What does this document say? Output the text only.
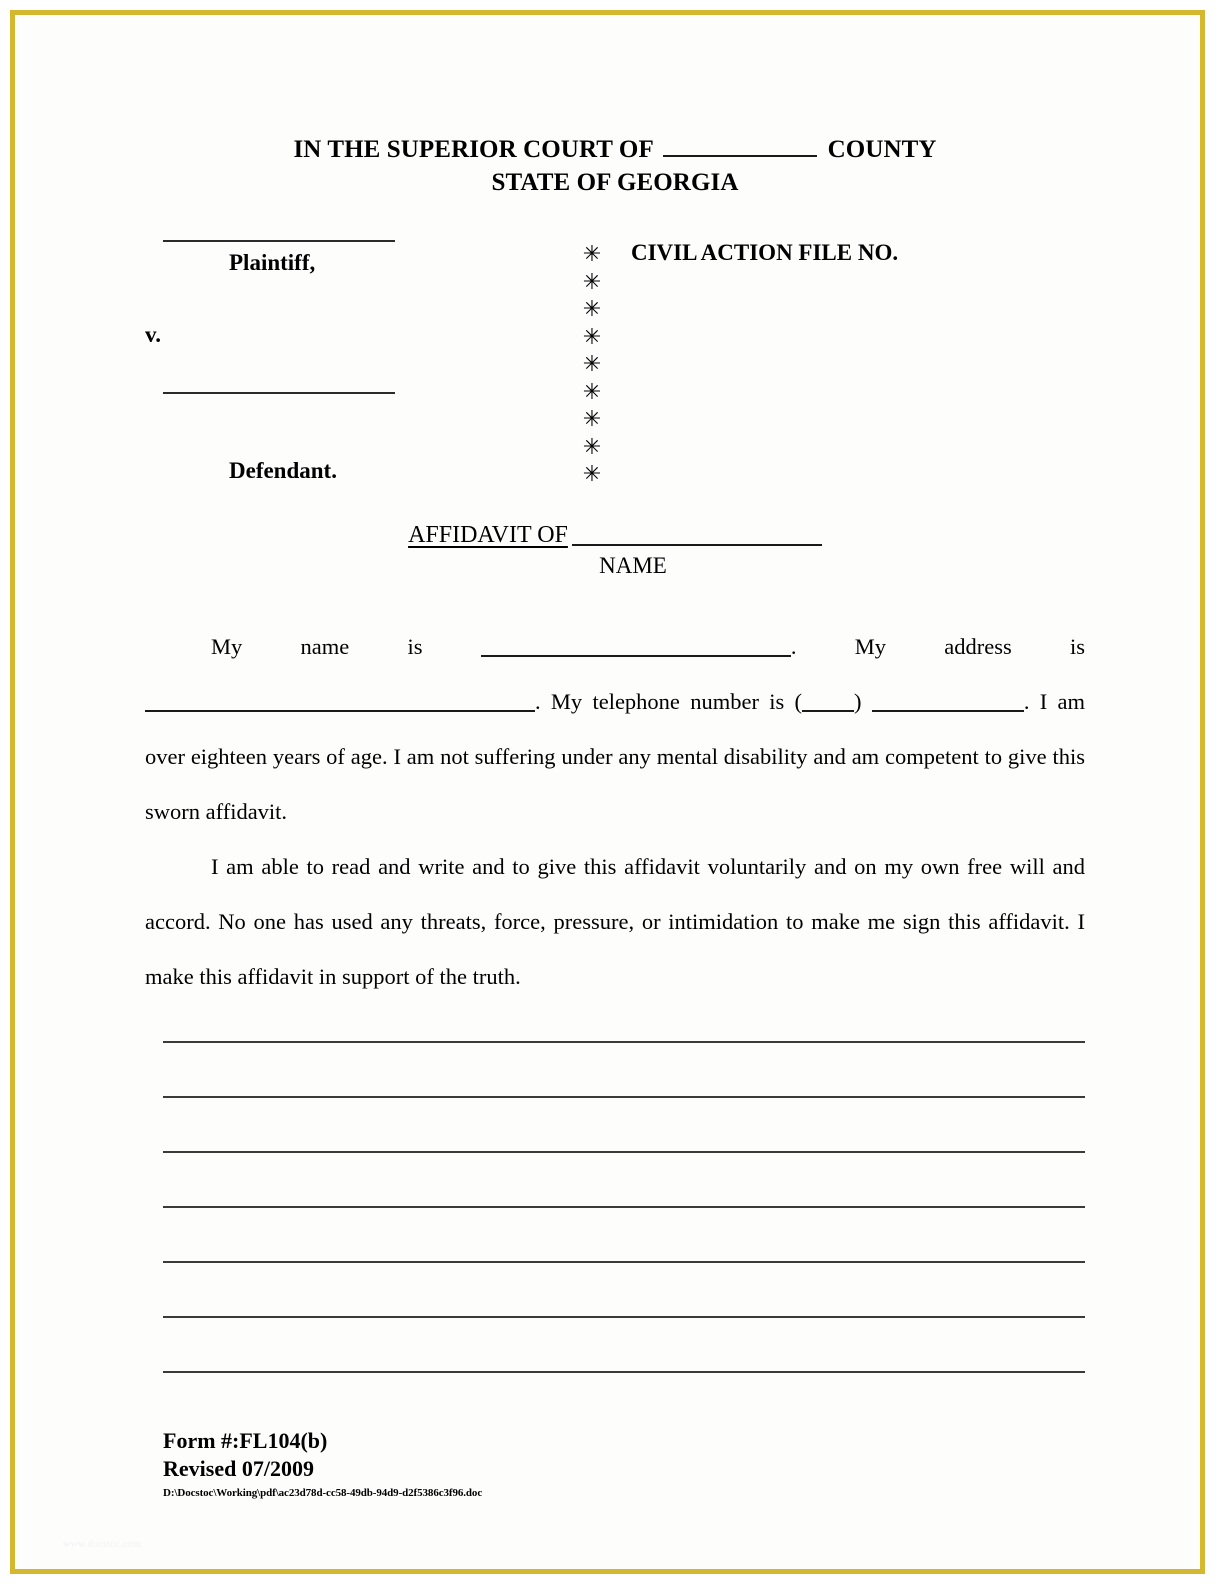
IN THE SUPERIOR COURT OF	COUNTY
STATE OF GEORGIA
Plaintiff,
v.
Defendant.
✳
✳
✳
✳
✳
✳
✳
✳
✳
CIVIL ACTION FILE NO.
AFFIDAVIT OF
NAME

My	name	is	.	My	address	is . My telephone number is ( )	. I am over eighteen years of age. I am not suffering under any mental disability and am competent to give this sworn affidavit.

I am able to read and write and to give this affidavit voluntarily and on my own free will and accord. No one has used any threats, force, pressure, or intimidation to make me sign this affidavit. I make this affidavit in support of the truth.

Form #:FL104(b)
Revised 07/2009
D:\Docstoc\Working\pdf\ac23d78d-cc58-49db-94d9-d2f5386c3f96.doc
www.docstoc.com
